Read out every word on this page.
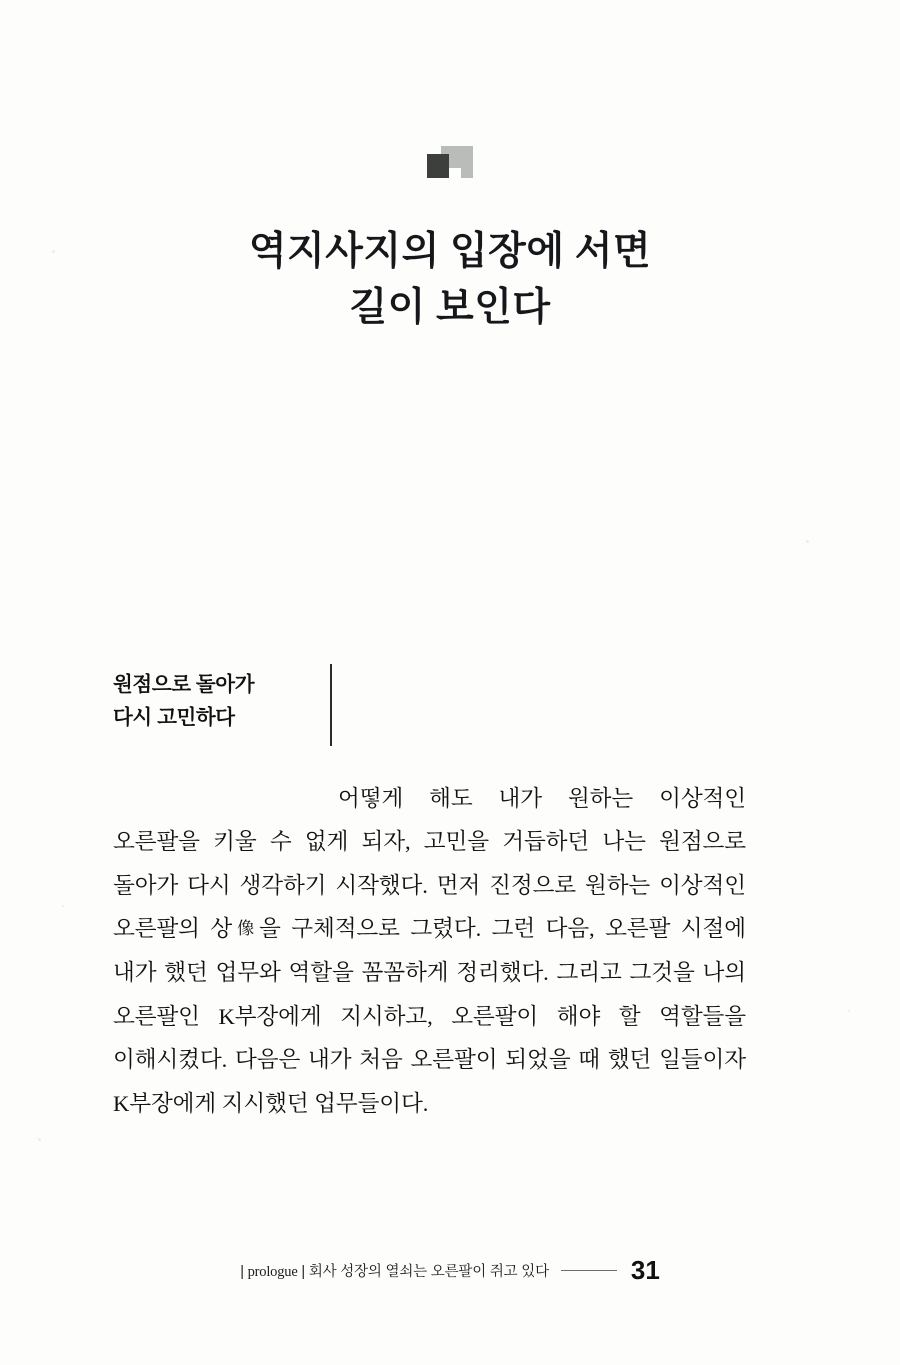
역지사지의 입장에 서면
길이 보인다
원점으로 돌아가
다시 고민하다

어떻게 해도 내가 원하는 이상적인 오른팔을 키울 수 없게 되자, 고민을 거듭하던 나는 원점으로 돌아가 다시 생각하기 시작했다. 먼저 진정으로 원하는 이상적인 오른팔의 상像을 구체적으로 그렸다. 그런 다음, 오른팔 시절에 내가 했던 업무와 역할을 꼼꼼하게 정리했다. 그리고 그것을 나의 오른팔인 K부장에게 지시하고, 오른팔이 해야 할 역할들을 이해시켰다. 다음은 내가 처음 오른팔이 되었을 때 했던 일들이자 K부장에게 지시했던 업무들이다.

| prologue | 회사 성장의 열쇠는 오른팔이 쥐고 있다	31
